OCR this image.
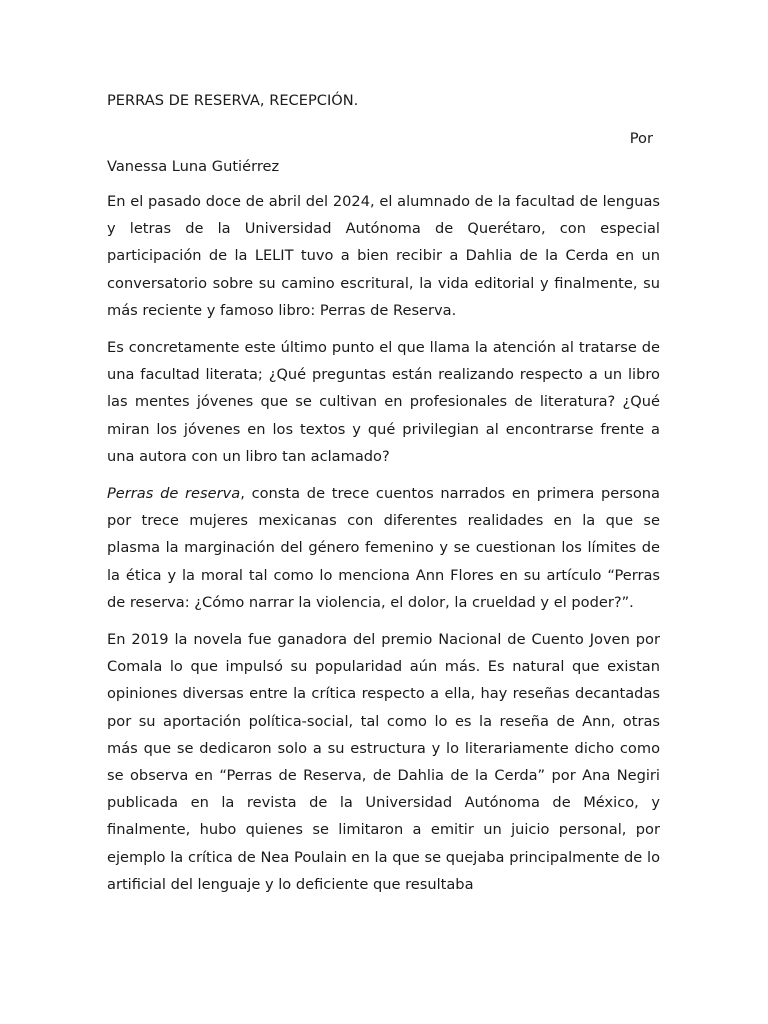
PERRAS DE RESERVA, RECEPCIÓN.
Por
Vanessa Luna Gutiérrez

En el pasado doce de abril del 2024, el alumnado de la facultad de lenguas y letras de la Universidad Autónoma de Querétaro, con especial participación de la LELIT tuvo a bien recibir a Dahlia de la Cerda en un conversatorio sobre su camino escritural, la vida editorial y finalmente, su más reciente y famoso libro: Perras de Reserva.

Es concretamente este último punto el que llama la atención al tratarse de una facultad literata; ¿Qué preguntas están realizando respecto a un libro las mentes jóvenes que se cultivan en profesionales de literatura? ¿Qué miran los jóvenes en los textos y qué privilegian al encontrarse frente a una autora con un libro tan aclamado?

Perras de reserva, consta de trece cuentos narrados en primera persona por trece mujeres mexicanas con diferentes realidades en la que se plasma la marginación del género femenino y se cuestionan los límites de la ética y la moral tal como lo menciona Ann Flores en su artículo “Perras de reserva: ¿Cómo narrar la violencia, el dolor, la crueldad y el poder?”.

En 2019 la novela fue ganadora del premio Nacional de Cuento Joven por Comala lo que impulsó su popularidad aún más. Es natural que existan opiniones diversas entre la crítica respecto a ella, hay reseñas decantadas por su aportación política-social, tal como lo es la reseña de Ann, otras más que se dedicaron solo a su estructura y lo literariamente dicho como se observa en “Perras de Reserva, de Dahlia de la Cerda” por Ana Negiri publicada en la revista de la Universidad Autónoma de México, y finalmente, hubo quienes se limitaron a emitir un juicio personal, por ejemplo la crítica de Nea Poulain en la que se quejaba principalmente de lo artificial del lenguaje y lo deficiente que resultaba
